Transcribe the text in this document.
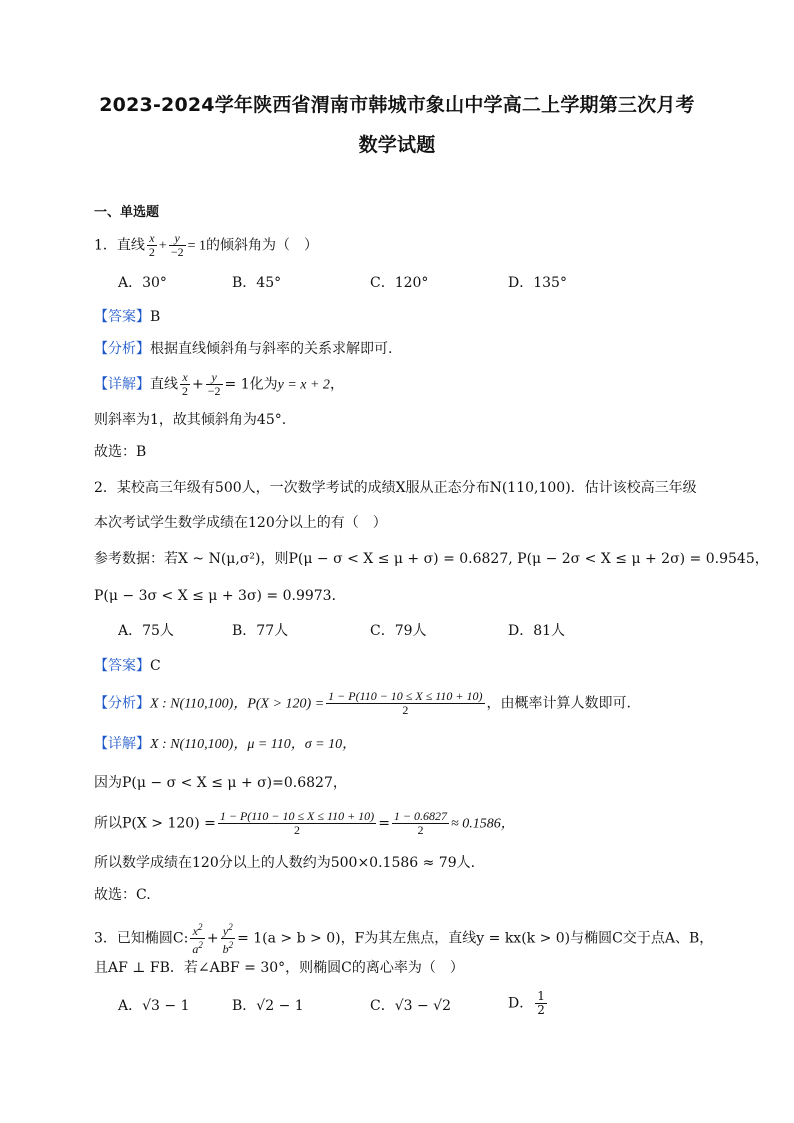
2023-2024学年陕西省渭南市韩城市象山中学高二上学期第三次月考
数学试题
一、单选题
1．直线 $\frac{x}{2} + \frac{y}{-2} = 1$的倾斜角为（　）
A．30°	B．45°	C．120°	D．135°
【答案】B
【分析】根据直线倾斜角与斜率的关系求解即可.
【详解】直线 $\frac{x}{2} + \frac{y}{-2} = 1$化为y = x + 2，
则斜率为1，故其倾斜角为45°.
故选：B
2．某校高三年级有500人，一次数学考试的成绩X服从正态分布N(110,100)．估计该校高三年级
本次考试学生数学成绩在120分以上的有（　）
参考数据：若X ~ N(μ,σ²)，则P(μ − σ < X ≤ μ + σ) = 0.6827, P(μ − 2σ < X ≤ μ + 2σ) = 0.9545，
P(μ − 3σ < X ≤ μ + 3σ) = 0.9973．
A．75人	B．77人	C．79人	D．81人
【答案】C
【分析】X : N(110,100)，$P(X > 120) = \frac{1 - P(110 - 10 \le X \le 110 + 10)}{2}$ ，由概率计算人数即可.
【详解】X : N(110,100)，μ = 110，σ = 10，
因为P(μ − σ < X ≤ μ + σ)=0.6827，
所以$P(X > 120) = \frac{1 - P(110 - 10 \le X \le 110 + 10)}{2} = \frac{1 - 0.6827}{2} \approx 0.1586$，
所以数学成绩在120分以上的人数约为500×0.1586 ≈ 79人.
故选：C.
3．已知椭圆C: $\frac{x^2}{a^2} + \frac{y^2}{b^2} = 1(a > b > 0)$，F为其左焦点，直线y = kx(k > 0)与椭圆C交于点A、B，
且AF ⊥ FB．若∠ABF = 30°，则椭圆C的离心率为（　）
A．√3 − 1	B．√2 − 1	C．√3 − √2	D． $\frac{1}{2}$
